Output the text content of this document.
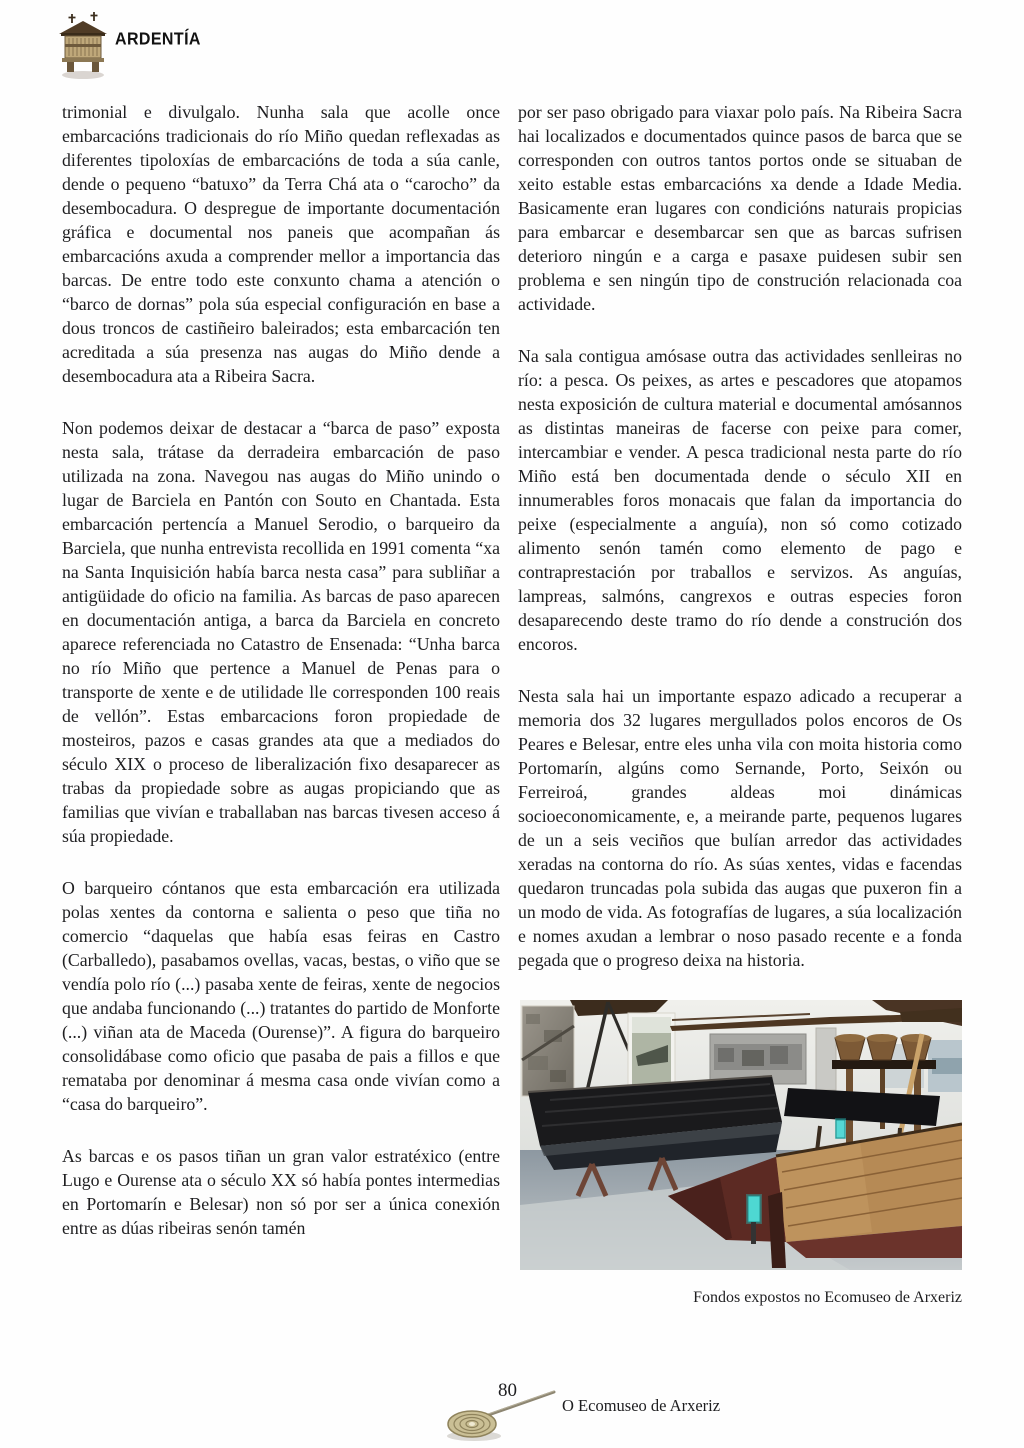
ARDENTÍA

trimonial e divulgalo. Nunha sala que acolle once embarcacións tradicionais do río Miño quedan reflexadas as diferentes tipoloxías de embarcacións de toda a súa canle, dende o pequeno “batuxo” da Terra Chá ata o “carocho” da desembocadura. O despregue de importante documentación gráfica e documental nos paneis que acompañan ás embarcacións axuda a comprender mellor a importancia das barcas. De entre todo este conxunto chama a atención o “barco de dornas” pola súa especial configuración en base a dous troncos de castiñeiro baleirados; esta embarcación ten acreditada a súa presenza nas augas do Miño dende a desembocadura ata a Ribeira Sacra.

Non podemos deixar de destacar a “barca de paso” exposta nesta sala, trátase da derradeira embarcación de paso utilizada na zona. Navegou nas augas do Miño unindo o lugar de Barciela en Pantón con Souto en Chantada. Esta embarcación pertencía a Manuel Serodio, o barqueiro da Barciela, que nunha entrevista recollida en 1991 comenta “xa na Santa Inquisición había barca nesta casa” para subliñar a antigüidade do oficio na familia. As barcas de paso aparecen en documentación antiga, a barca da Barciela en concreto aparece referenciada no Catastro de Ensenada: “Unha barca no río Miño que pertence a Manuel de Penas para o transporte de xente e de utilidade lle corresponden 100 reais de vellón”. Estas embarcacions foron propiedade de mosteiros, pazos e casas grandes ata que a mediados do século XIX o proceso de liberalización fixo desaparecer as trabas da propiedade sobre as augas propiciando que as familias que vivían e traballaban nas barcas tivesen acceso á súa propiedade.

O barqueiro cóntanos que esta embarcación era utilizada polas xentes da contorna e salienta o peso que tiña no comercio “daquelas que había esas feiras en Castro (Carballedo), pasabamos ovellas, vacas, bestas, o viño que se vendía polo río (...) pasaba xente de feiras, xente de negocios que andaba funcionando (...) tratantes do partido de Monforte (...) viñan ata de Maceda (Ourense)”. A figura do barqueiro consolidábase como oficio que pasaba de pais a fillos e que remataba por denominar á mesma casa onde vivían como a “casa do barqueiro”.

As barcas e os pasos tiñan un gran valor estratéxico (entre Lugo e Ourense ata o século XX só había pontes intermedias en Portomarín e Belesar) non só por ser a única conexión entre as dúas ribeiras senón tamén

por ser paso obrigado para viaxar polo país. Na Ribeira Sacra hai localizados e documentados quince pasos de barca que se corresponden con outros tantos portos onde se situaban de xeito estable estas embarcacións xa dende a Idade Media. Basicamente eran lugares con condicións naturais propicias para embarcar e desembarcar sen que as barcas sufrisen deterioro ningún e a carga e pasaxe puidesen subir sen problema e sen ningún tipo de construción relacionada coa actividade.

Na sala contigua amósase outra das actividades senlleiras no río: a pesca. Os peixes, as artes e pescadores que atopamos nesta exposición de cultura material e documental amósannos as distintas maneiras de facerse con peixe para comer, intercambiar e vender. A pesca tradicional nesta parte do río Miño está ben documentada dende o século XII en innumerables foros monacais que falan da importancia do peixe (especialmente a anguía), non só como cotizado alimento senón tamén como elemento de pago e contraprestación por traballos e servizos. As anguías, lampreas, salmóns, cangrexos e outras especies foron desaparecendo deste tramo do río dende a construción dos encoros.

Nesta sala hai un importante espazo adicado a recuperar a memoria dos 32 lugares mergullados polos encoros de Os Peares e Belesar, entre eles unha vila con moita historia como Portomarín, algúns como Sernande, Porto, Seixón ou Ferreiroá, grandes aldeas moi dinámicas socioeconomicamente, e, a meirande parte, pequenos lugares de un a seis veciños que bulían arredor das actividades xeradas na contorna do río. As súas xentes, vidas e facendas quedaron truncadas pola subida das augas que puxeron fin a un modo de vida. As fotografías de lugares, a súa localización e nomes axudan a lembrar o noso pasado recente e a fonda pegada que o progreso deixa na historia.

Fondos expostos no Ecomuseo de Arxeriz
80
O Ecomuseo de Arxeriz
